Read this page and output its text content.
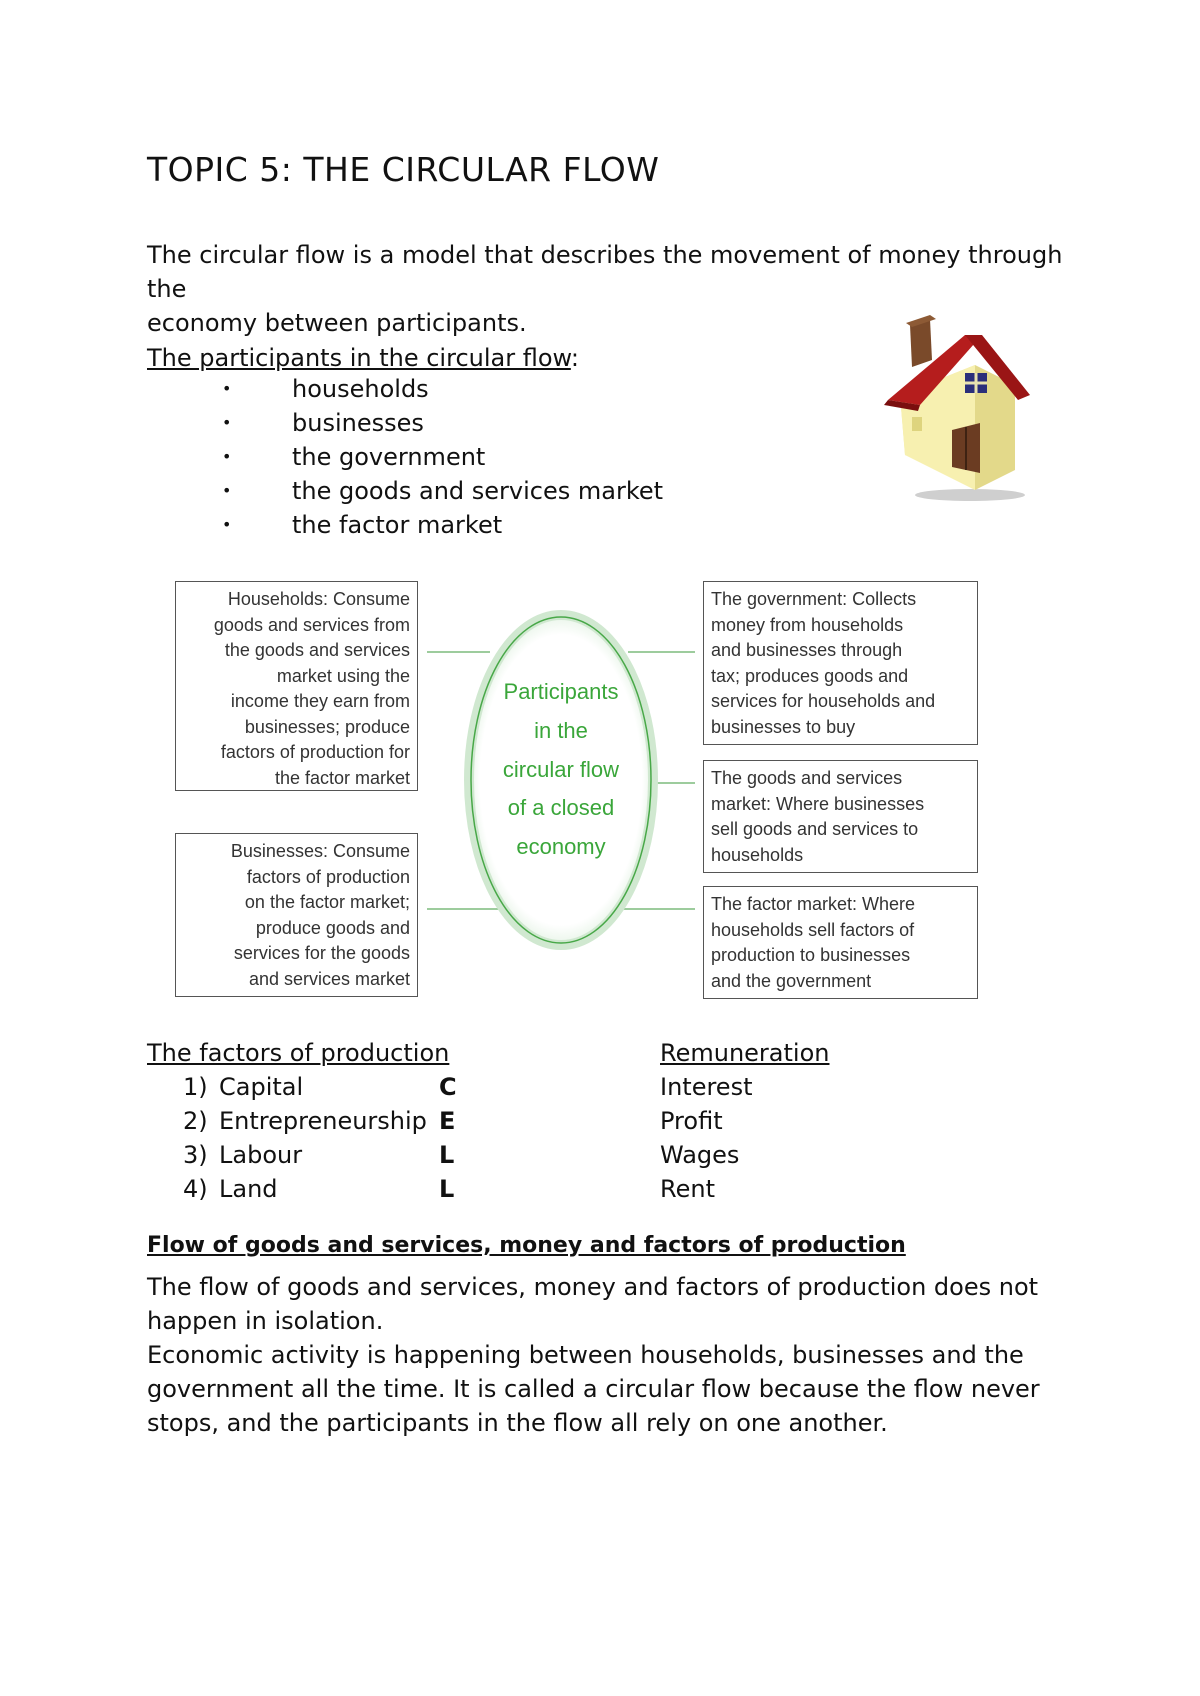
TOPIC 5: THE CIRCULAR FLOW
The circular flow is a model that describes the movement of money through the
economy between participants.
The participants in the circular flow:
•	households
•	businesses
•	the government
•	the goods and services market
•	the factor market
Participants
in the
circular flow
of a closed
economy
Households: Consume
goods and services from
the goods and services
market using the
income they earn from
businesses; produce
factors of production for
the factor market
Businesses: Consume
factors of production
on the factor market;
produce goods and
services for the goods
and services market
The government: Collects
money from households
and businesses through
tax; produces goods and
services for households and
businesses to buy
The goods and services
market: Where businesses
sell goods and services to
households
The factor market: Where
households sell factors of
production to businesses
and the government
The factors of production	Remuneration
1) Capital	C	Interest
2) Entrepreneurship E	Profit
3) Labour	L	Wages
4) Land	L	Rent
Flow of goods and services, money and factors of production
The flow of goods and services, money and factors of production does not
happen in isolation.
Economic activity is happening between households, businesses and the
government all the time. It is called a circular flow because the flow never
stops, and the participants in the flow all rely on one another.
